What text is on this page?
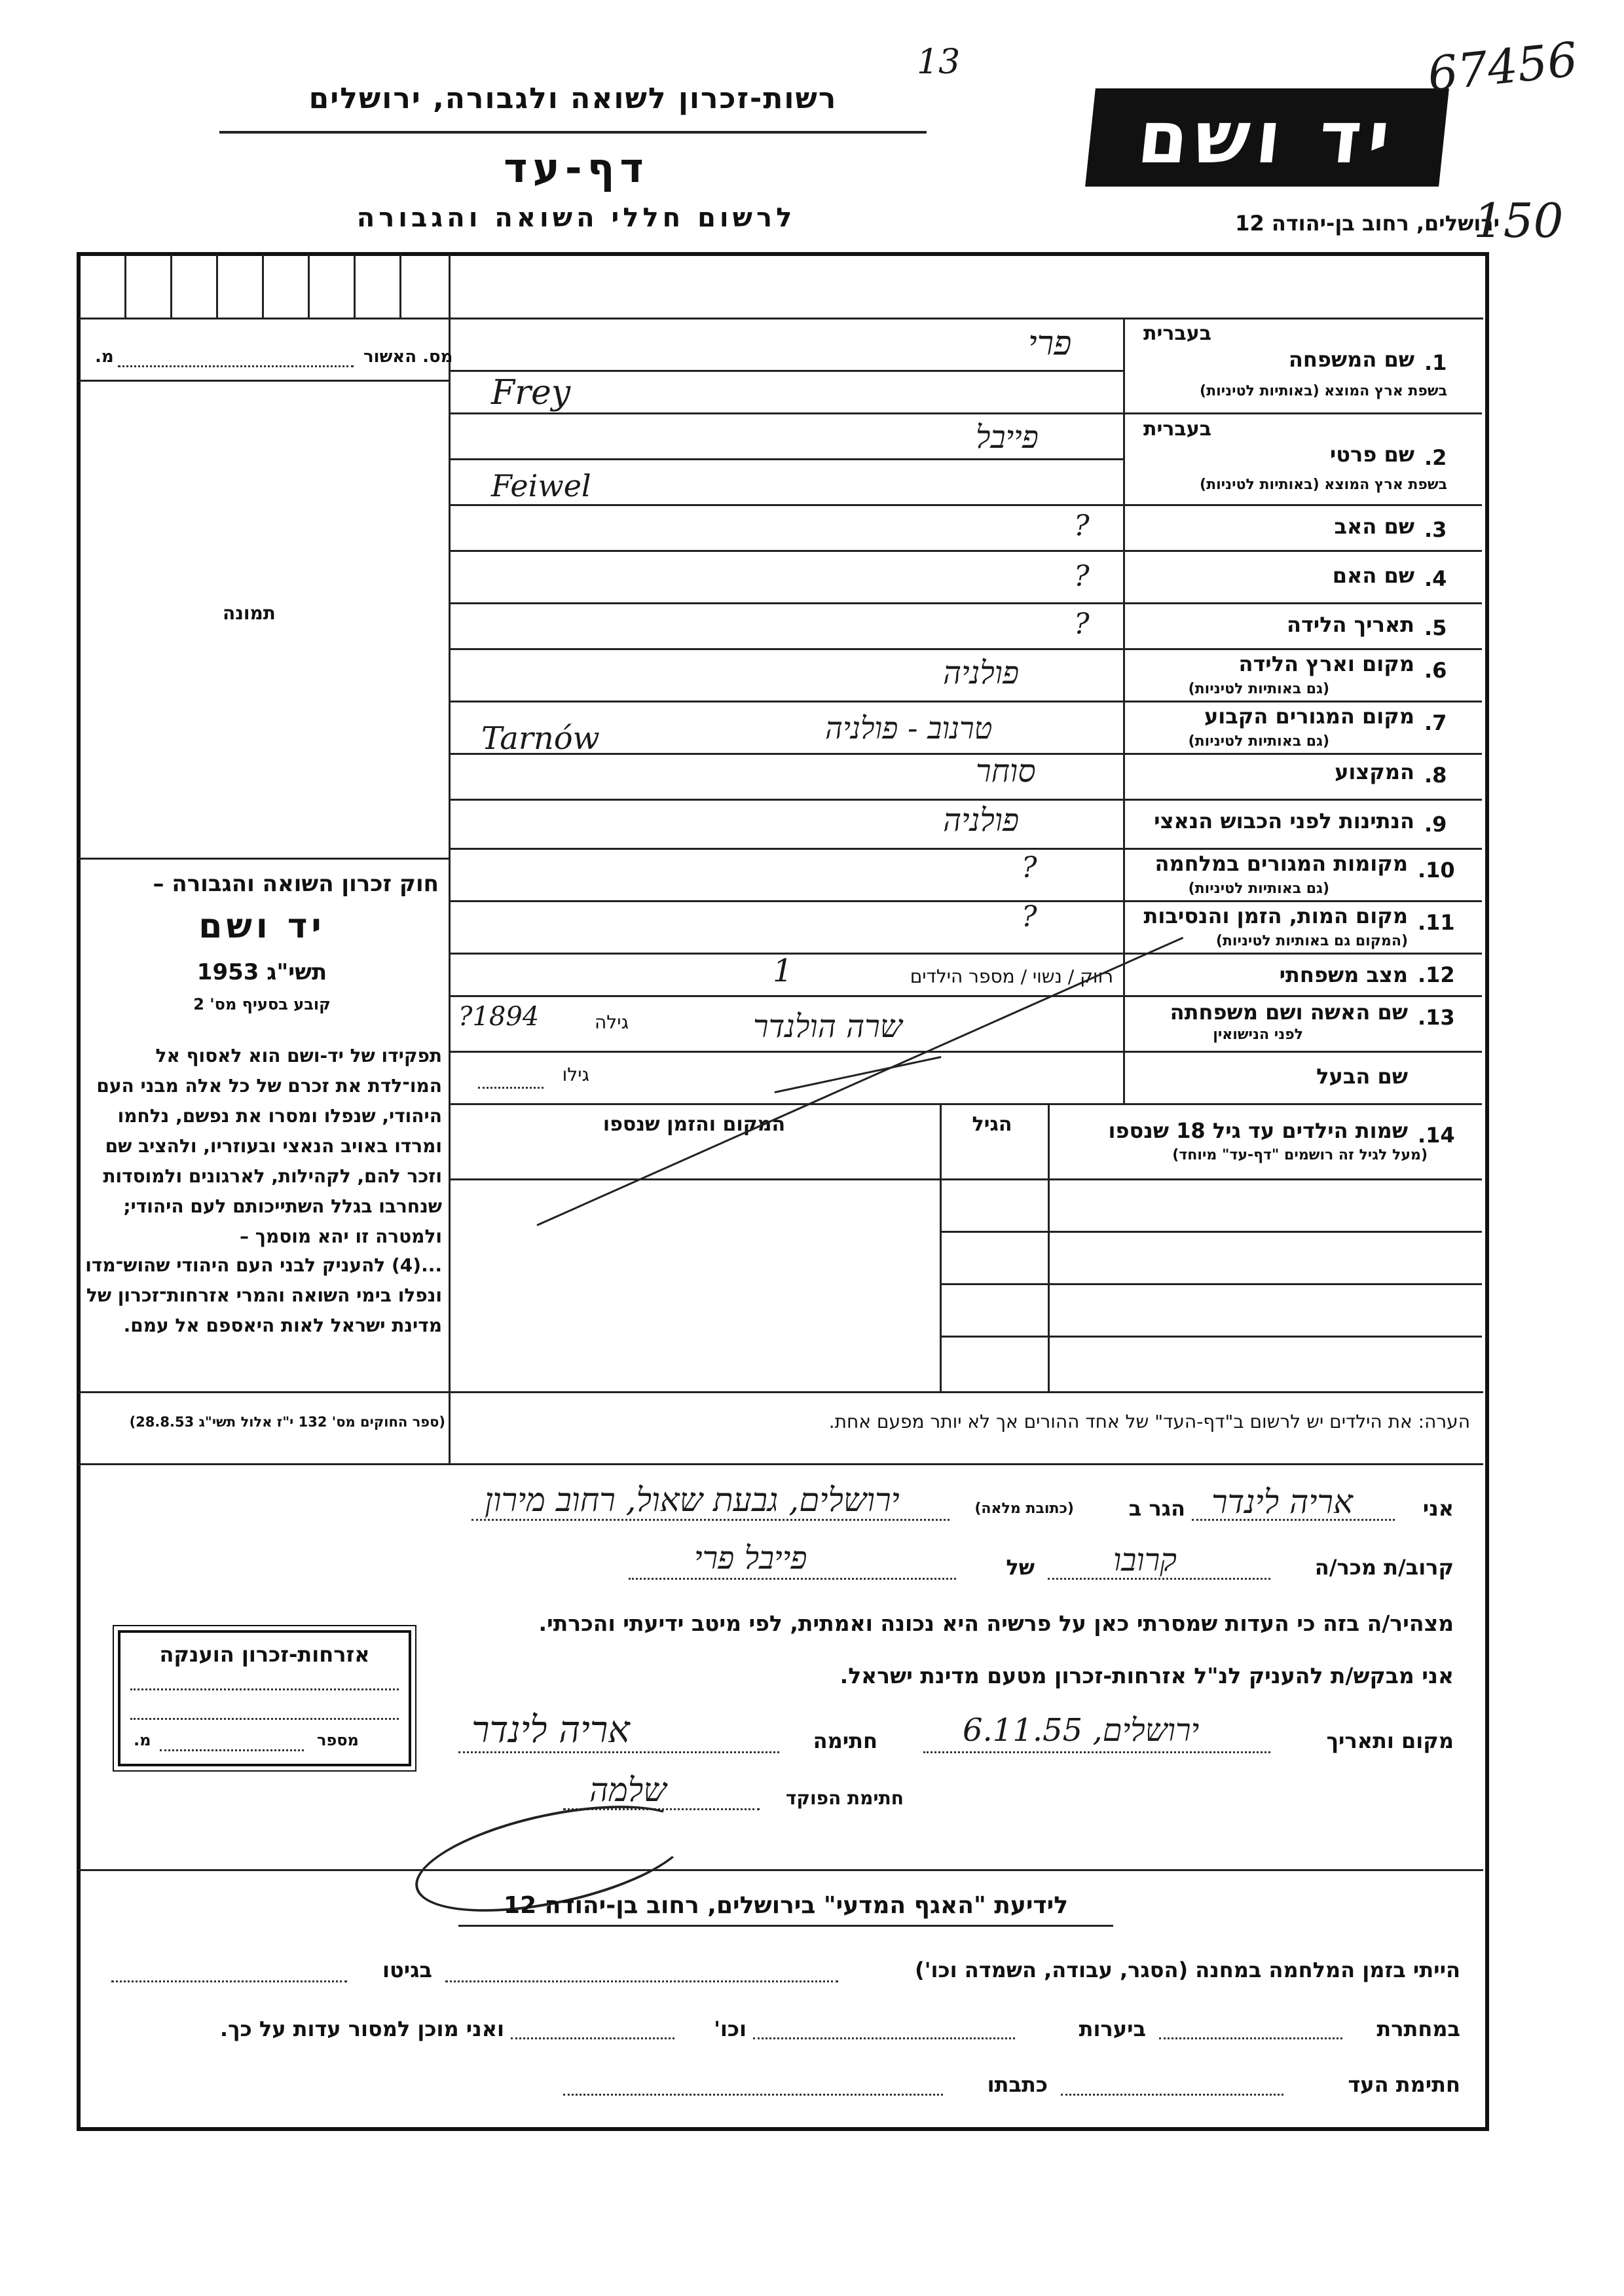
רשות-זכרון לשואה ולגבורה, ירושלים
דף-עד
לרשום חללי השואה והגבורה
13
יד ושם
ירושלים, רחוב בן-יהודה 12
67456
150
מס. האשור
מ.
תמונה
חוק זכרון השואה והגבורה –
יד ושם
תשי"ג 1953
קובע בסעיף מס' 2
תפקידו של יד-ושם הוא לאסוף אל המו־לדת את זכרם של כל אלה מבני העם היהודי, שנפלו ומסרו את נפשם, נלחמו ומרדו באויב הנאצי ובעוזריו, ולהציב שם וזכר להם, לקהילות, לארגונים ולמוסדות שנחרבו בגלל השתייכותם לעם היהודי; ולמטרה זו יהא מוסמך –
...(4) להעניק לבני העם היהודי שהוש־מדו ונפלו בימי השואה והמרי אזרחות־זכרון של מדינת ישראל לאות היאספם אל עמם.
(ספר החוקים מס' 132 י"ז אלול תשי"ג 28.8.53)
1.
שם המשפחה
בעברית
בשפת ארץ המוצא (באותיות לטיניות)
פרי
Frey
2.
שם פרטי
בעברית
בשפת ארץ המוצא (באותיות לטיניות)
פייבל
Feiwel
3.
שם האב
?
4.
שם האם
?
5.
תאריך הלידה
?
6.
מקום וארץ הלידה
(גם באותיות לטיניות)
פולניה
7.
מקום המגורים הקבוע
(גם באותיות לטיניות)
טרנוב - פולניה
Tarnów
8.
המקצוע
סוחר
9.
הנתינות לפני הכבוש הנאצי
פולניה
10.
מקומות המגורים במלחמה
(גם באותיות לטיניות)
?
11.
מקום המות, הזמן והנסיבות
(המקום גם באותיות לטיניות)
?
12.
מצב משפחתי
רווק / נשוי / מספר הילדים
1
13.
שם האשה ושם משפחתה
לפני הנישואין
שרה הולנדר
גילה
?1894
שם הבעל
גילו
14.
שמות הילדים עד גיל 18 שנספו
(מעל לגיל זה רושמים "דף-עד" מיוחד)
הגיל
המקום והזמן שנספו
הערה: את הילדים יש לרשום ב"דף-העד" של אחד ההורים אך לא יותר מפעם אחת.
אני
אריה לינדר
הגר ב
(כתובת מלאה)
ירושלים, גבעת שאול, רחוב מירון
קרוב/ת מכר/ה
קרובו
של
פייבל פרי
מצהיר/ה בזה כי העדות שמסרתי כאן על פרשיה היא נכונה ואמתית, לפי מיטב ידיעתי והכרתי.
אני מבקש/ת להעניק לנ"ל אזרחות-זכרון מטעם מדינת ישראל.
מקום ותאריך
ירושלים, 6.11.55
חתימה
אריה לינדר
חתימת הפוקד
שלמה
אזרחות-זכרון הוענקה
מספר
מ.
לידיעת "האגף המדעי" בירושלים, רחוב בן-יהודה 12
הייתי בזמן המלחמה במחנה (הסגר, עבודה, השמדה וכו')
בגיטו
במחתרת
ביערות
וכו'
ואני מוכן למסור עדות על כך.
חתימת העד
כתבתו
